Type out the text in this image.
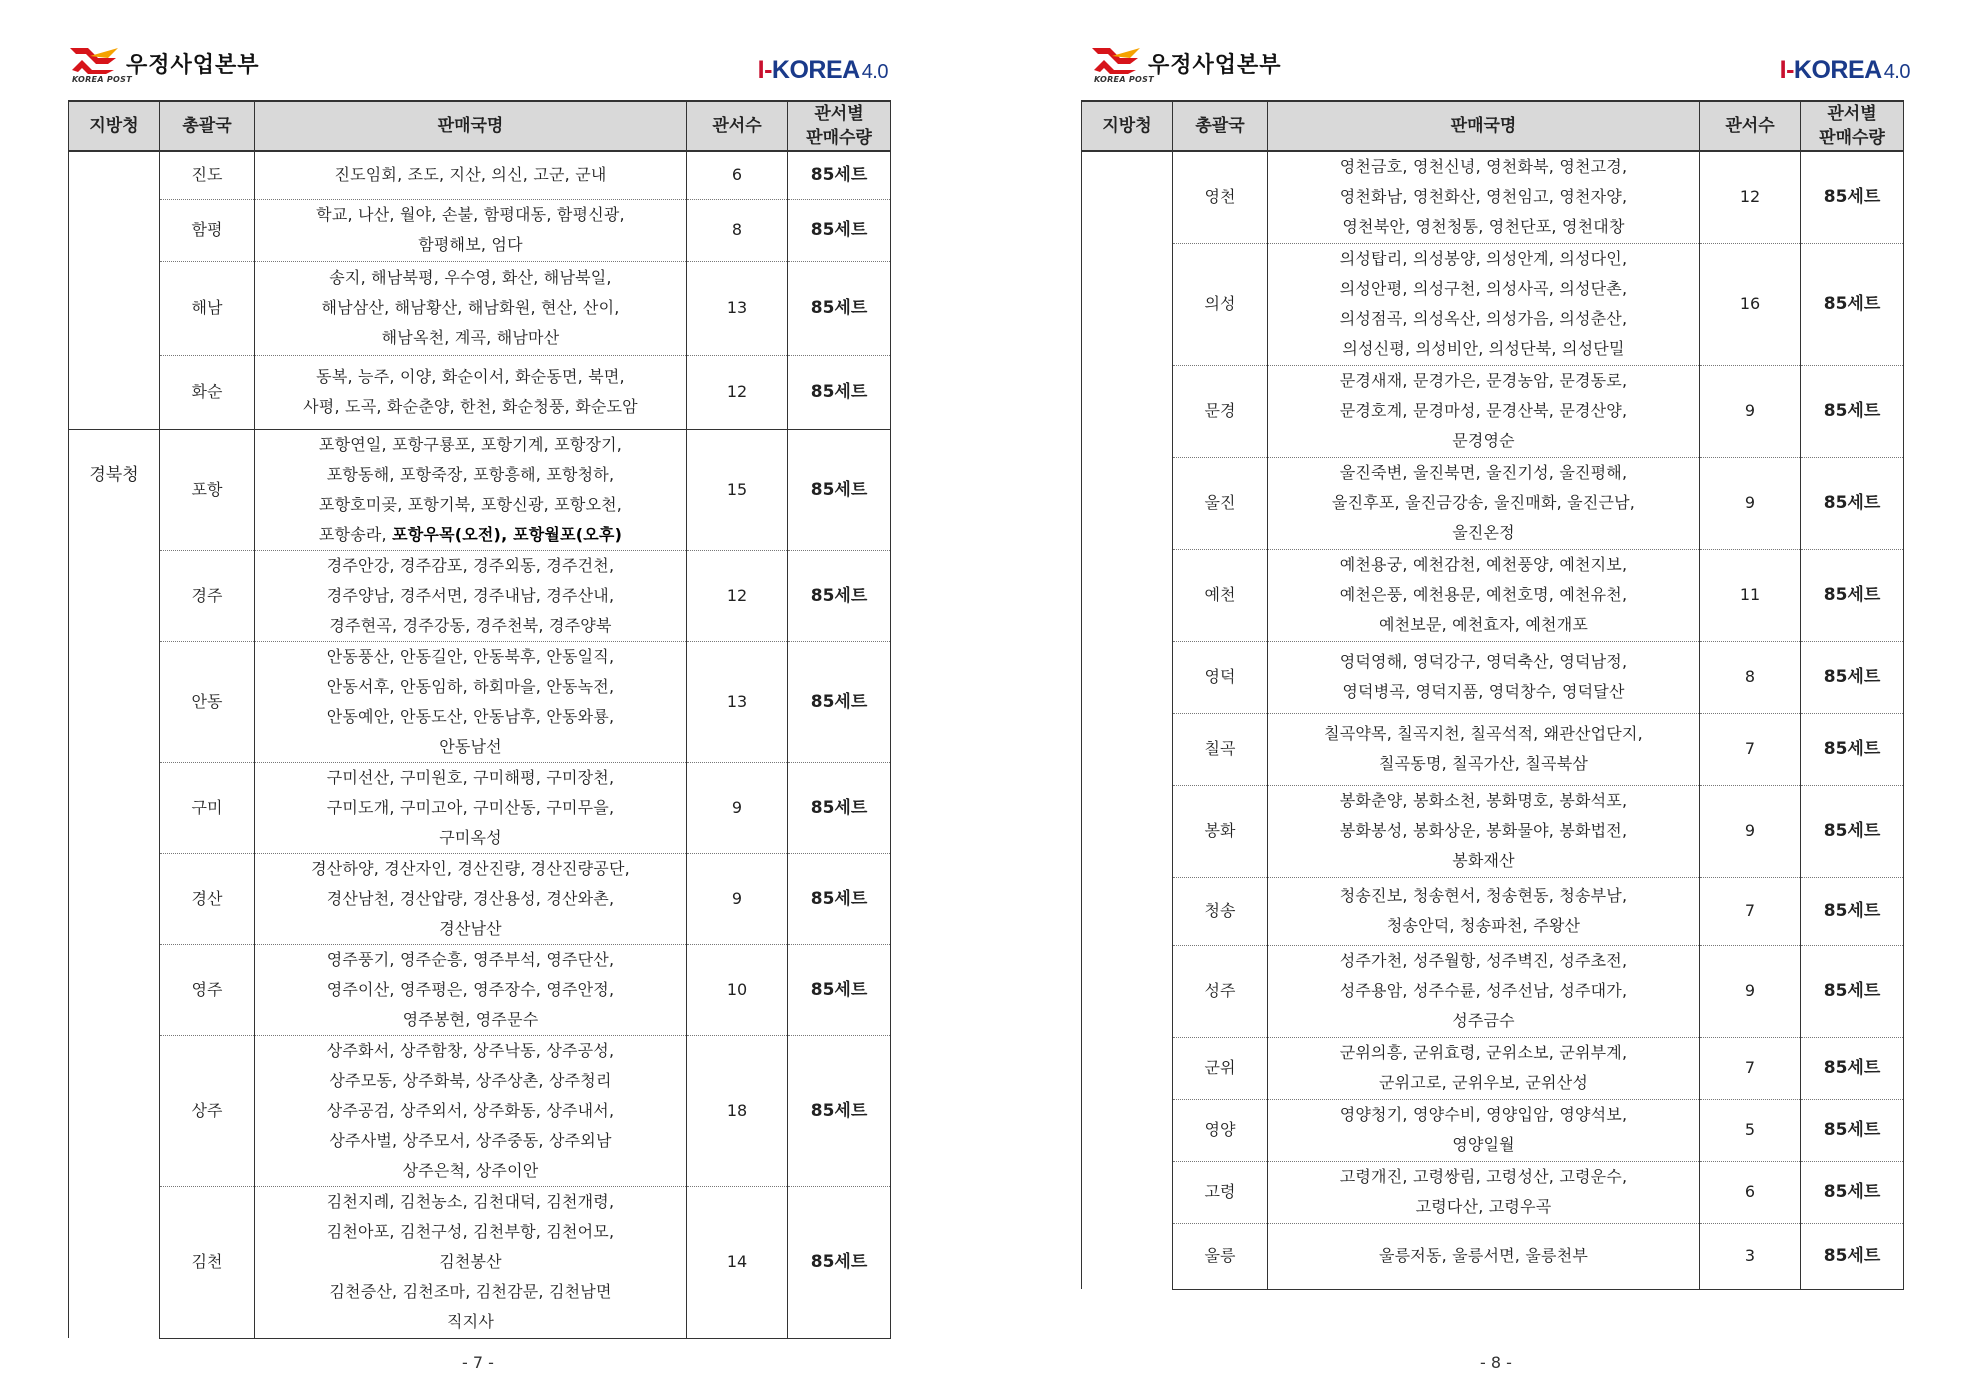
우정사업본부
KOREA POST	I-KOREA 4.0
지방청	총괄국	판매국명	관서수	관서별
판매수량

	진도	진도임회, 조도, 지산, 의신, 고군, 군내	6	85세트
	함평	학교, 나산, 월야, 손불, 함평대동, 함평신광,
함평해보, 엄다	8	85세트
	해남	송지, 해남북평, 우수영, 화산, 해남북일,
해남삼산, 해남황산, 해남화원, 현산, 산이,
해남옥천, 계곡, 해남마산	13	85세트
	화순	동복, 능주, 이양, 화순이서, 화순동면, 북면,
사평, 도곡, 화순춘양, 한천, 화순청풍, 화순도암	12	85세트

경북청	포항	포항연일, 포항구룡포, 포항기계, 포항장기,
포항동해, 포항죽장, 포항흥해, 포항청하,
포항호미곶, 포항기북, 포항신광, 포항오천,
포항송라, 포항우목(오전), 포항월포(오후)	15	85세트
	경주	경주안강, 경주감포, 경주외동, 경주건천,
경주양남, 경주서면, 경주내남, 경주산내,
경주현곡, 경주강동, 경주천북, 경주양북	12	85세트
	안동	안동풍산, 안동길안, 안동북후, 안동일직,
안동서후, 안동임하, 하회마을, 안동녹전,
안동예안, 안동도산, 안동남후, 안동와룡,
안동남선	13	85세트
	구미	구미선산, 구미원호, 구미해평, 구미장천,
구미도개, 구미고아, 구미산동, 구미무을,
구미옥성	9	85세트
	경산	경산하양, 경산자인, 경산진량, 경산진량공단,
경산남천, 경산압량, 경산용성, 경산와촌,
경산남산	9	85세트
	영주	영주풍기, 영주순흥, 영주부석, 영주단산,
영주이산, 영주평은, 영주장수, 영주안정,
영주봉현, 영주문수	10	85세트
	상주	상주화서, 상주함창, 상주낙동, 상주공성,
상주모동, 상주화북, 상주상촌, 상주청리
상주공검, 상주외서, 상주화동, 상주내서,
상주사벌, 상주모서, 상주중동, 상주외남
상주은척, 상주이안	18	85세트
	김천	김천지례, 김천농소, 김천대덕, 김천개령,
김천아포, 김천구성, 김천부항, 김천어모,
김천봉산
김천증산, 김천조마, 김천감문, 김천남면
직지사	14	85세트
- 7 -
우정사업본부
KOREA POST	I-KOREA 4.0
지방청	총괄국	판매국명	관서수	관서별
판매수량

	영천	영천금호, 영천신녕, 영천화북, 영천고경,
영천화남, 영천화산, 영천임고, 영천자양,
영천북안, 영천청통, 영천단포, 영천대창	12	85세트
	의성	의성탑리, 의성봉양, 의성안계, 의성다인,
의성안평, 의성구천, 의성사곡, 의성단촌,
의성점곡, 의성옥산, 의성가음, 의성춘산,
의성신평, 의성비안, 의성단북, 의성단밀	16	85세트
	문경	문경새재, 문경가은, 문경농암, 문경동로,
문경호계, 문경마성, 문경산북, 문경산양,
문경영순	9	85세트
	울진	울진죽변, 울진북면, 울진기성, 울진평해,
울진후포, 울진금강송, 울진매화, 울진근남,
울진온정	9	85세트
	예천	예천용궁, 예천감천, 예천풍양, 예천지보,
예천은풍, 예천용문, 예천호명, 예천유천,
예천보문, 예천효자, 예천개포	11	85세트
	영덕	영덕영해, 영덕강구, 영덕축산, 영덕남정,
영덕병곡, 영덕지품, 영덕창수, 영덕달산	8	85세트
	칠곡	칠곡약목, 칠곡지천, 칠곡석적, 왜관산업단지,
칠곡동명, 칠곡가산, 칠곡북삼	7	85세트
	봉화	봉화춘양, 봉화소천, 봉화명호, 봉화석포,
봉화봉성, 봉화상운, 봉화물야, 봉화법전,
봉화재산	9	85세트
	청송	청송진보, 청송현서, 청송현동, 청송부남,
청송안덕, 청송파천, 주왕산	7	85세트
	성주	성주가천, 성주월항, 성주벽진, 성주초전,
성주용암, 성주수륜, 성주선남, 성주대가,
성주금수	9	85세트
	군위	군위의흥, 군위효령, 군위소보, 군위부계,
군위고로, 군위우보, 군위산성	7	85세트
	영양	영양청기, 영양수비, 영양입암, 영양석보,
영양일월	5	85세트
	고령	고령개진, 고령쌍림, 고령성산, 고령운수,
고령다산, 고령우곡	6	85세트
	울릉	울릉저동, 울릉서면, 울릉천부	3	85세트
- 8 -
